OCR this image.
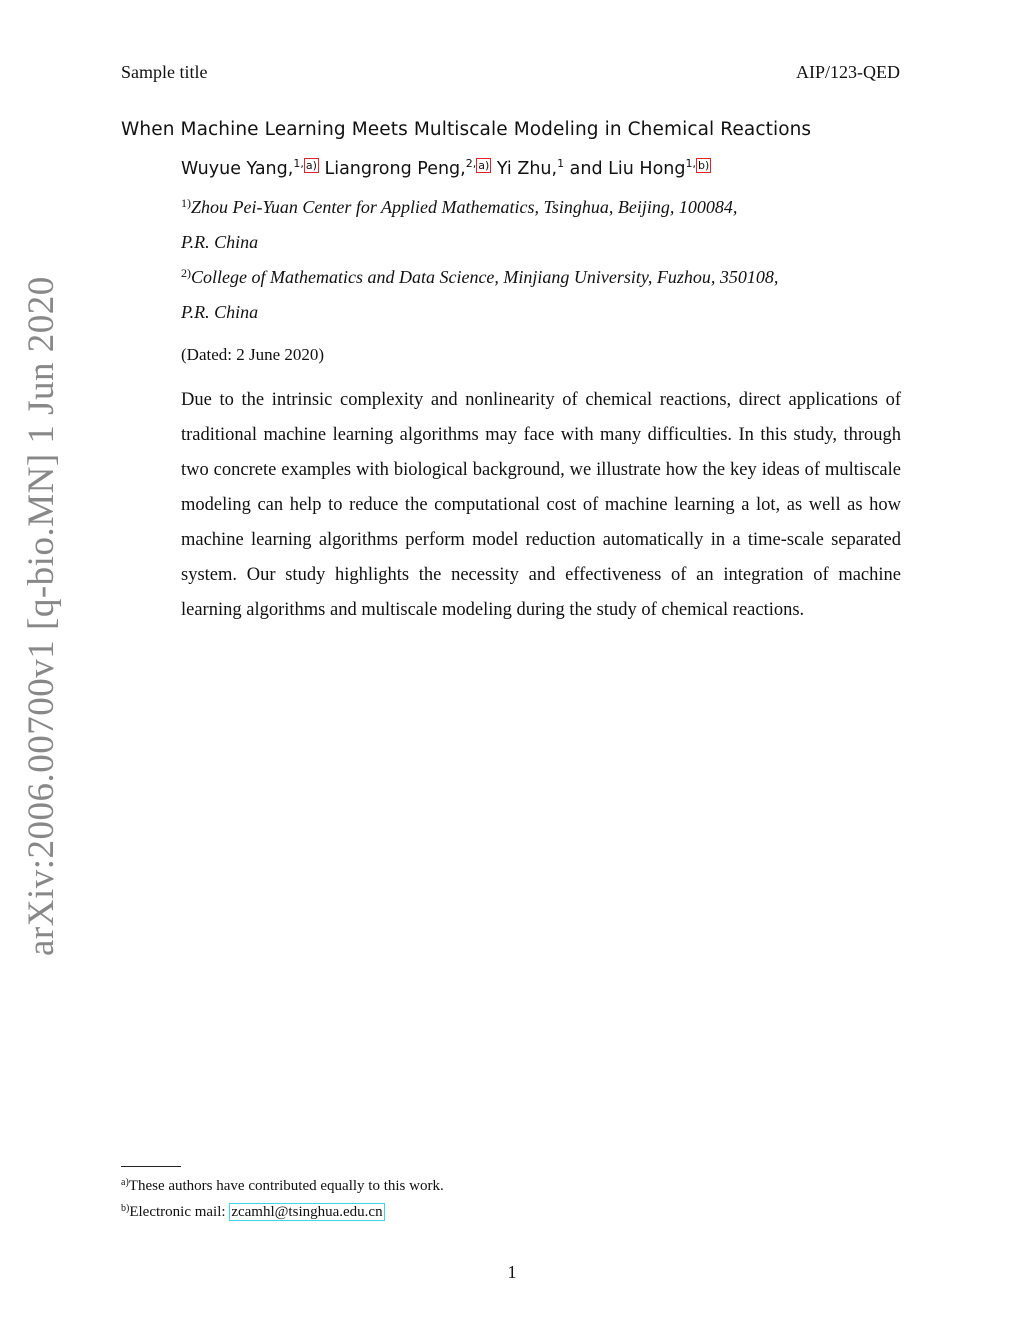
Sample title	AIP/123-QED
When Machine Learning Meets Multiscale Modeling in Chemical Reactions
Wuyue Yang,$^{1,}$ a) Liangrong Peng,$^{2,}$ a) Yi Zhu,$^1$ and Liu Hong$^{1,}$ b)
$^{1)}$Zhou Pei-Yuan Center for Applied Mathematics, Tsinghua, Beijing, 100084,
P.R. China
$^{2)}$College of Mathematics and Data Science, Minjiang University, Fuzhou, 350108,
P.R. China
(Dated: 2 June 2020)
Due to the intrinsic complexity and nonlinearity of chemical reactions, direct applications of traditional machine learning algorithms may face with many difficulties. In this study, through two concrete examples with biological background, we illustrate how the key ideas of multiscale modeling can help to reduce the computational cost of machine learning a lot, as well as how machine learning algorithms perform model reduction automatically in a time-scale separated system. Our study highlights the necessity and effectiveness of an integration of machine learning algorithms and multiscale modeling during the study of chemical reactions.
arXiv:2006.00700v1 [q-bio.MN] 1 Jun 2020
$^{a)}$These authors have contributed equally to this work.
$^{b)}$Electronic mail: zcamhl@tsinghua.edu.cn
1
